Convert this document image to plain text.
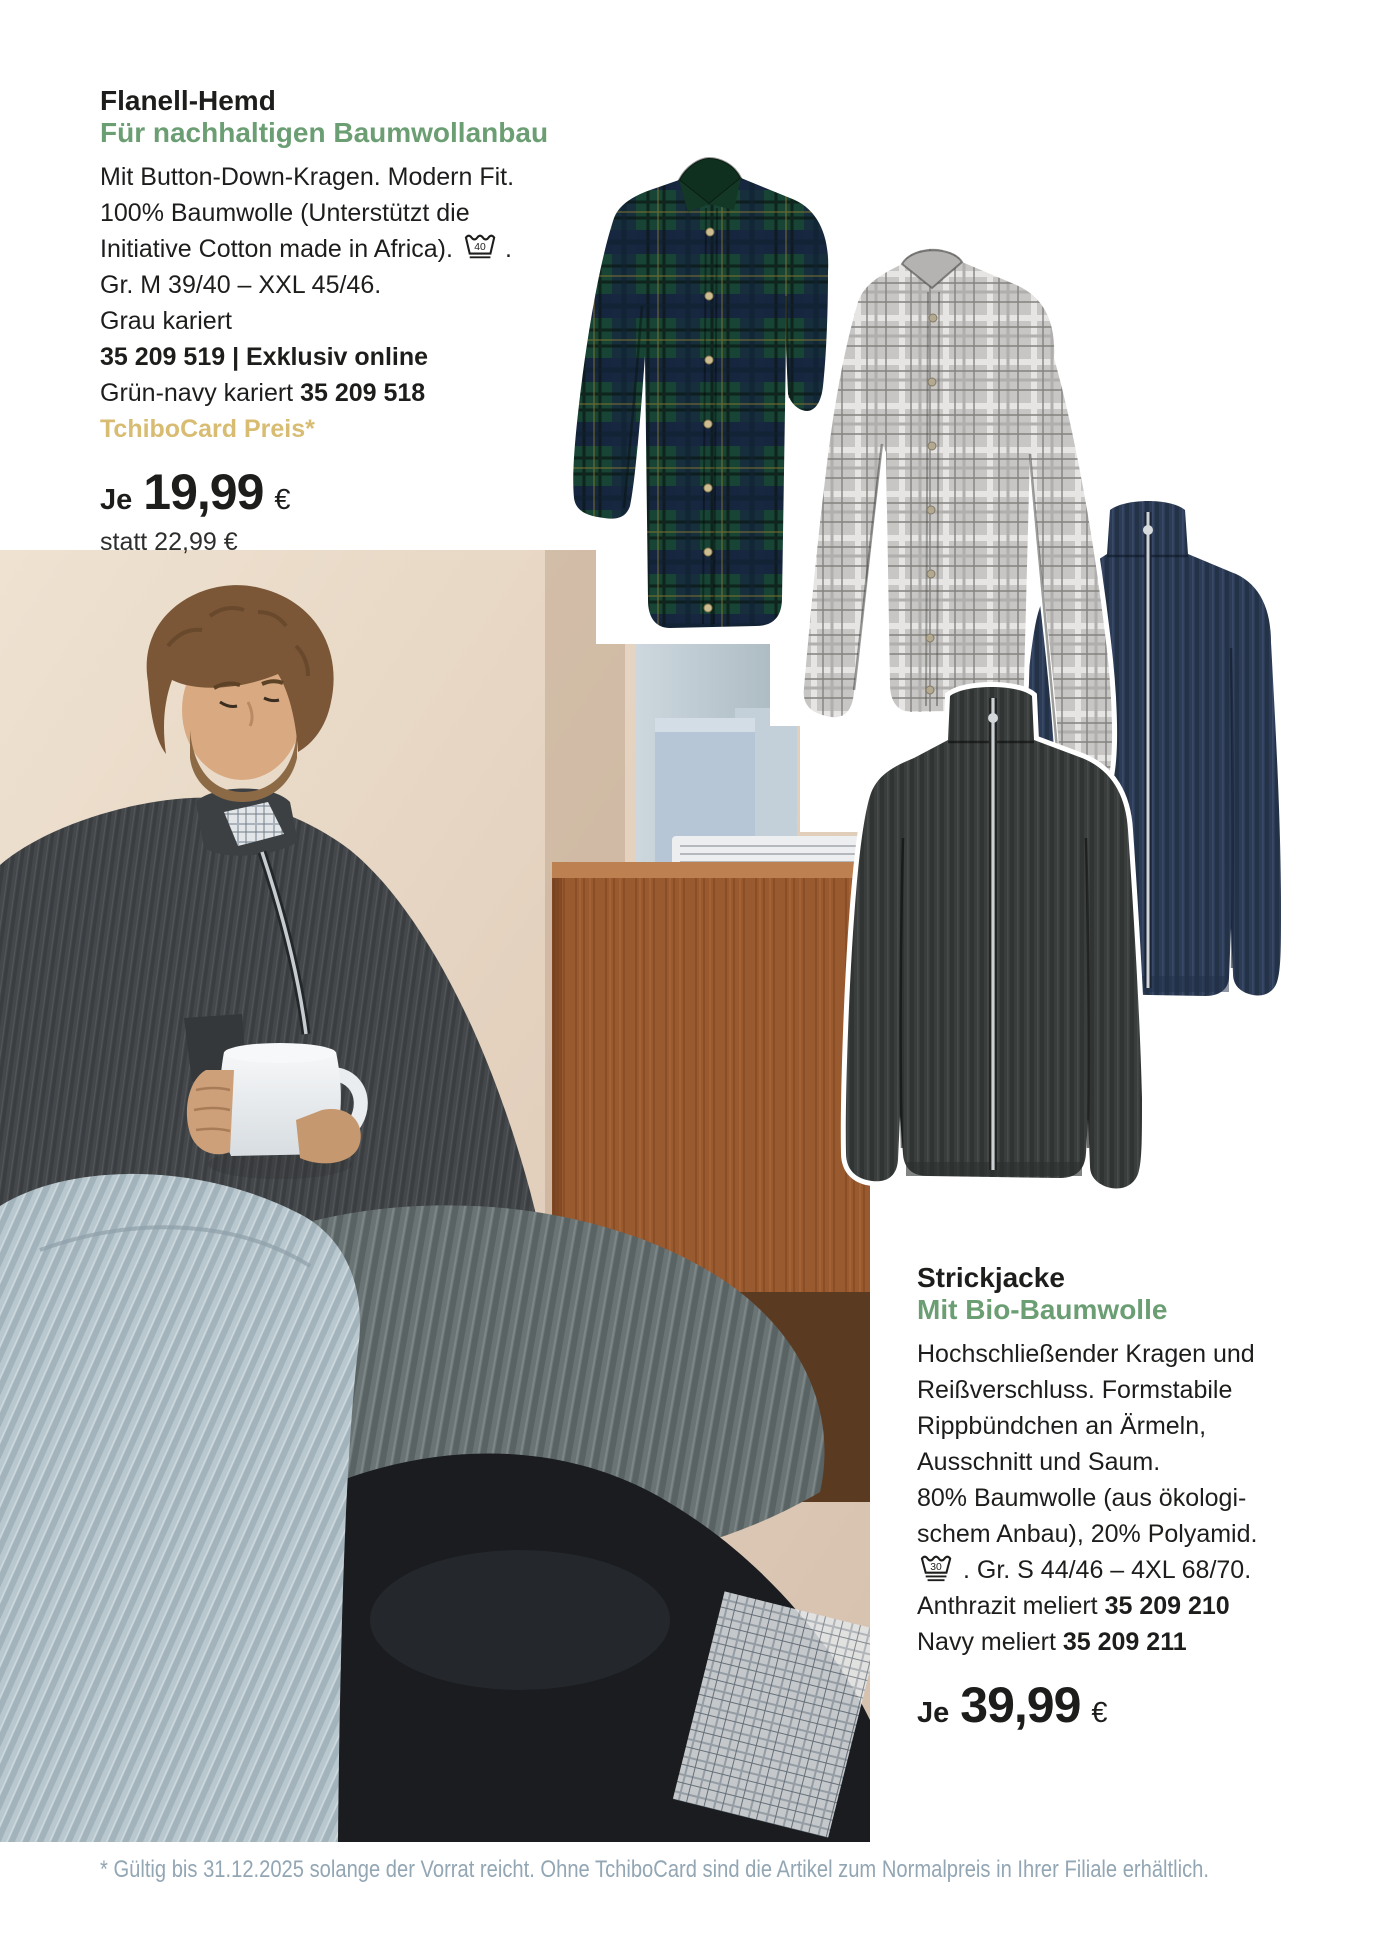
Flanell-Hemd

Für nachhaltigen Baumwollanbau

Mit Button-Down-Kragen. Modern Fit.

100% Baumwolle (Unterstützt die

Initiative Cotton made in Africa). 40 .

Gr. M 39/40 – XXL 45/46.

Grau kariert

35 209 519 | Exklusiv online

Grün-navy kariert 35 209 518

TchiboCard Preis*

Je 19,99 €

statt 22,99 €

Strickjacke

Mit Bio-Baumwolle

Hochschließender Kragen und

Reißverschluss. Formstabile

Rippbündchen an Ärmeln,

Ausschnitt und Saum.

80% Baumwolle (aus ökologi-

schem Anbau), 20% Polyamid.

30 . Gr. S 44/46 – 4XL 68/70.

Anthrazit meliert 35 209 210

Navy meliert 35 209 211

Je 39,99 €
* Gültig bis 31.12.2025 solange der Vorrat reicht. Ohne TchiboCard sind die Artikel zum Normalpreis in Ihrer Filiale erhältlich.
